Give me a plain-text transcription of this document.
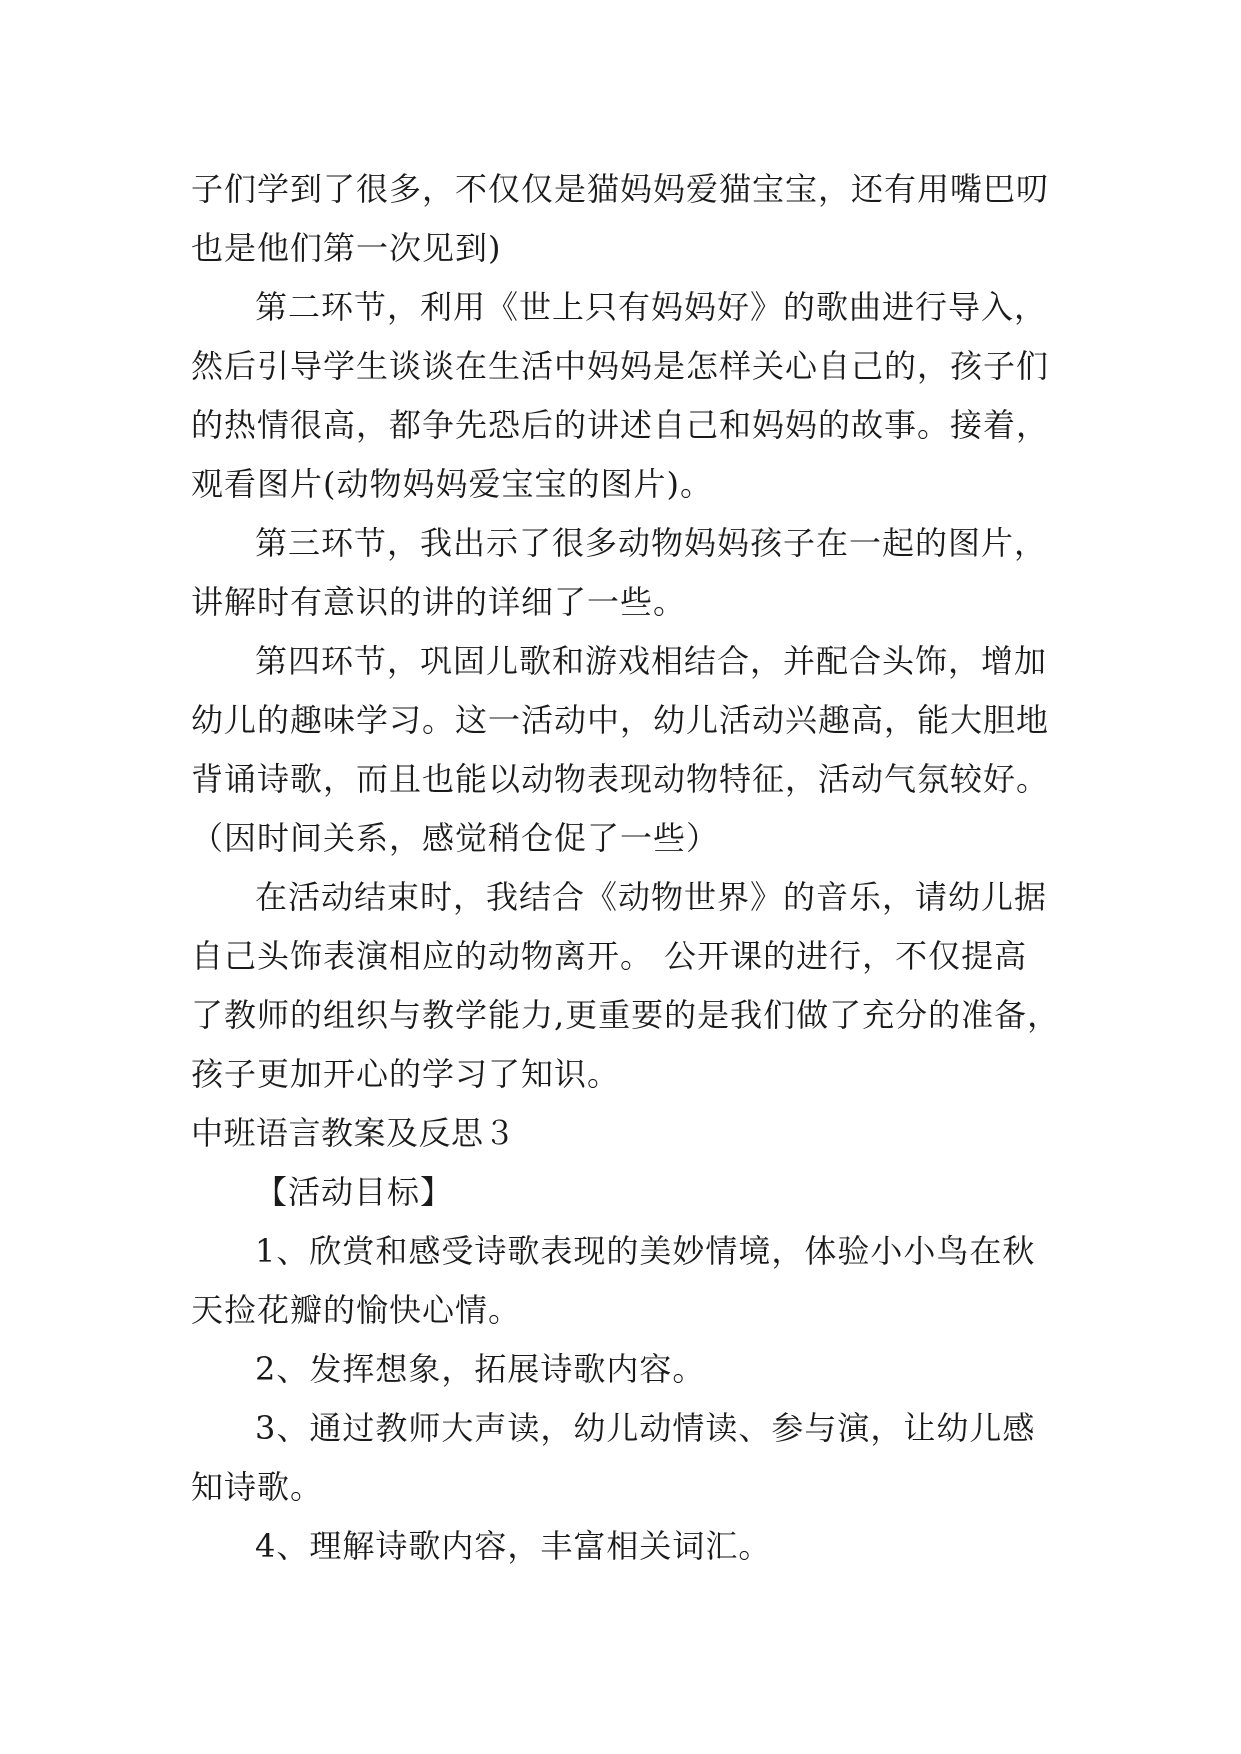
子们学到了很多，不仅仅是猫妈妈爱猫宝宝，还有用嘴巴叨
也是他们第一次见到)
第二环节，利用《世上只有妈妈好》的歌曲进行导入，
然后引导学生谈谈在生活中妈妈是怎样关心自己的，孩子们
的热情很高，都争先恐后的讲述自己和妈妈的故事。接着，
观看图片(动物妈妈爱宝宝的图片)。
第三环节，我出示了很多动物妈妈孩子在一起的图片，
讲解时有意识的讲的详细了一些。
第四环节，巩固儿歌和游戏相结合，并配合头饰，增加
幼儿的趣味学习。这一活动中，幼儿活动兴趣高，能大胆地
背诵诗歌，而且也能以动物表现动物特征，活动气氛较好。
（因时间关系，感觉稍仓促了一些）
在活动结束时，我结合《动物世界》的音乐，请幼儿据
自己头饰表演相应的动物离开。 公开课的进行，不仅提高
了教师的组织与教学能力,更重要的是我们做了充分的准备，
孩子更加开心的学习了知识。
中班语言教案及反思３
【活动目标】
1、欣赏和感受诗歌表现的美妙情境，体验小小鸟在秋
天捡花瓣的愉快心情。
2、发挥想象，拓展诗歌内容。
3、通过教师大声读，幼儿动情读、参与演，让幼儿感
知诗歌。
4、理解诗歌内容，丰富相关词汇。
